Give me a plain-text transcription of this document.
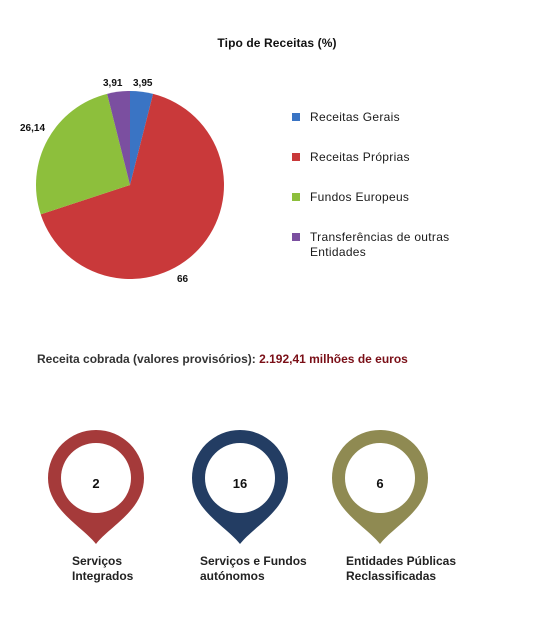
Tipo de Receitas (%)
3,95
66
26,14
3,91
Receitas Gerais
Receitas Próprias
Fundos Europeus
Transferências de outras Entidades
Receita cobrada (valores provisórios): 2.192,41 milhões de euros
2
Serviços
Integrados
16
Serviços e Fundos
autónomos
6
Entidades Públicas
Reclassificadas
